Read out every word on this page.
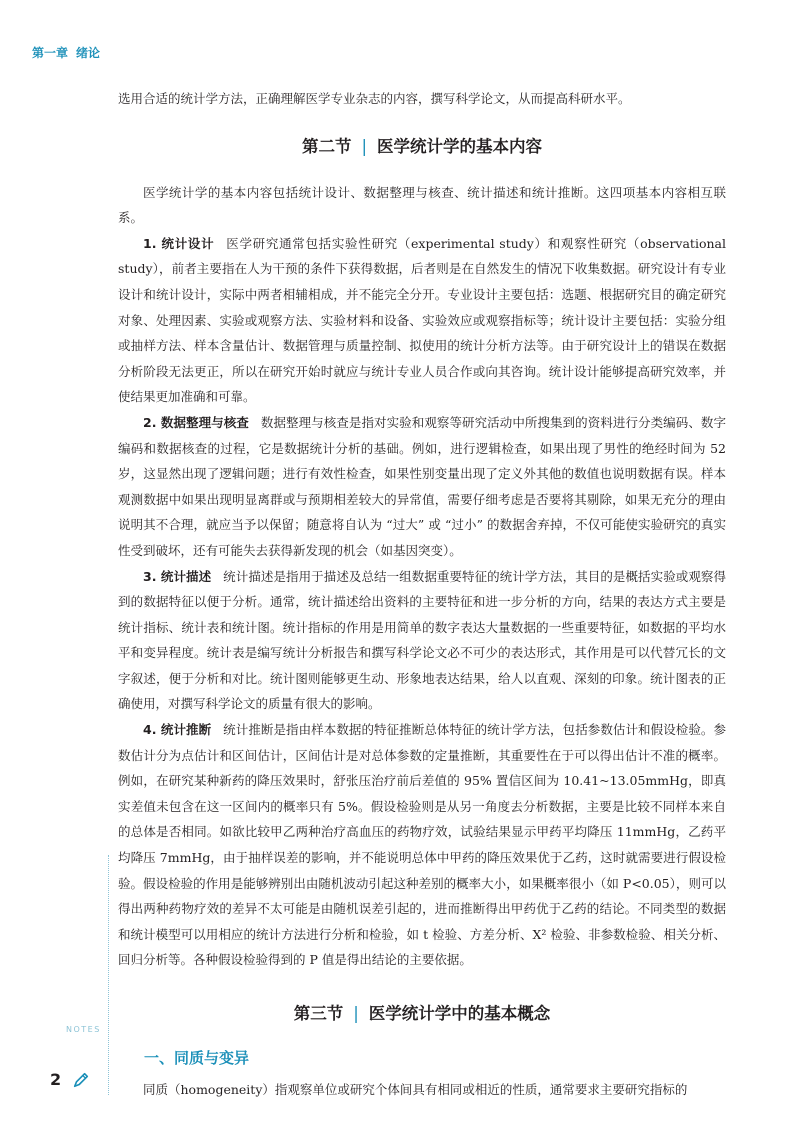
第一章 绪论

选用合适的统计学方法，正确理解医学专业杂志的内容，撰写科学论文，从而提高科研水平。

第二节 | 医学统计学的基本内容

医学统计学的基本内容包括统计设计、数据整理与核查、统计描述和统计推断。这四项基本内容相互联系。

1. 统计设计 医学研究通常包括实验性研究（experimental study）和观察性研究（observational study），前者主要指在人为干预的条件下获得数据，后者则是在自然发生的情况下收集数据。研究设计有专业设计和统计设计，实际中两者相辅相成，并不能完全分开。专业设计主要包括：选题、根据研究目的确定研究对象、处理因素、实验或观察方法、实验材料和设备、实验效应或观察指标等；统计设计主要包括：实验分组或抽样方法、样本含量估计、数据管理与质量控制、拟使用的统计分析方法等。由于研究设计上的错误在数据分析阶段无法更正，所以在研究开始时就应与统计专业人员合作或向其咨询。统计设计能够提高研究效率，并使结果更加准确和可靠。

2. 数据整理与核查 数据整理与核查是指对实验和观察等研究活动中所搜集到的资料进行分类编码、数字编码和数据核查的过程，它是数据统计分析的基础。例如，进行逻辑检查，如果出现了男性的绝经时间为 52 岁，这显然出现了逻辑问题；进行有效性检查，如果性别变量出现了定义外其他的数值也说明数据有误。样本观测数据中如果出现明显离群或与预期相差较大的异常值，需要仔细考虑是否要将其剔除，如果无充分的理由说明其不合理，就应当予以保留；随意将自认为 “过大” 或 “过小” 的数据舍弃掉，不仅可能使实验研究的真实性受到破坏，还有可能失去获得新发现的机会（如基因突变）。

3. 统计描述 统计描述是指用于描述及总结一组数据重要特征的统计学方法，其目的是概括实验或观察得到的数据特征以便于分析。通常，统计描述给出资料的主要特征和进一步分析的方向，结果的表达方式主要是统计指标、统计表和统计图。统计指标的作用是用简单的数字表达大量数据的一些重要特征，如数据的平均水平和变异程度。统计表是编写统计分析报告和撰写科学论文必不可少的表达形式，其作用是可以代替冗长的文字叙述，便于分析和对比。统计图则能够更生动、形象地表达结果，给人以直观、深刻的印象。统计图表的正确使用，对撰写科学论文的质量有很大的影响。

4. 统计推断 统计推断是指由样本数据的特征推断总体特征的统计学方法，包括参数估计和假设检验。参数估计分为点估计和区间估计，区间估计是对总体参数的定量推断，其重要性在于可以得出估计不准的概率。例如，在研究某种新药的降压效果时，舒张压治疗前后差值的 95% 置信区间为 10.41~13.05mmHg，即真实差值未包含在这一区间内的概率只有 5%。假设检验则是从另一角度去分析数据，主要是比较不同样本来自的总体是否相同。如欲比较甲乙两种治疗高血压的药物疗效，试验结果显示甲药平均降压 11mmHg，乙药平均降压 7mmHg，由于抽样误差的影响，并不能说明总体中甲药的降压效果优于乙药，这时就需要进行假设检验。假设检验的作用是能够辨别出由随机波动引起这种差别的概率大小，如果概率很小（如 P<0.05），则可以得出两种药物疗效的差异不太可能是由随机误差引起的，进而推断得出甲药优于乙药的结论。不同类型的数据和统计模型可以用相应的统计方法进行分析和检验，如 t 检验、方差分析、X² 检验、非参数检验、相关分析、回归分析等。各种假设检验得到的 P 值是得出结论的主要依据。

第三节 | 医学统计学中的基本概念
一、同质与变异

同质（homogeneity）指观察单位或研究个体间具有相同或相近的性质，通常要求主要研究指标的

NOTES
2
